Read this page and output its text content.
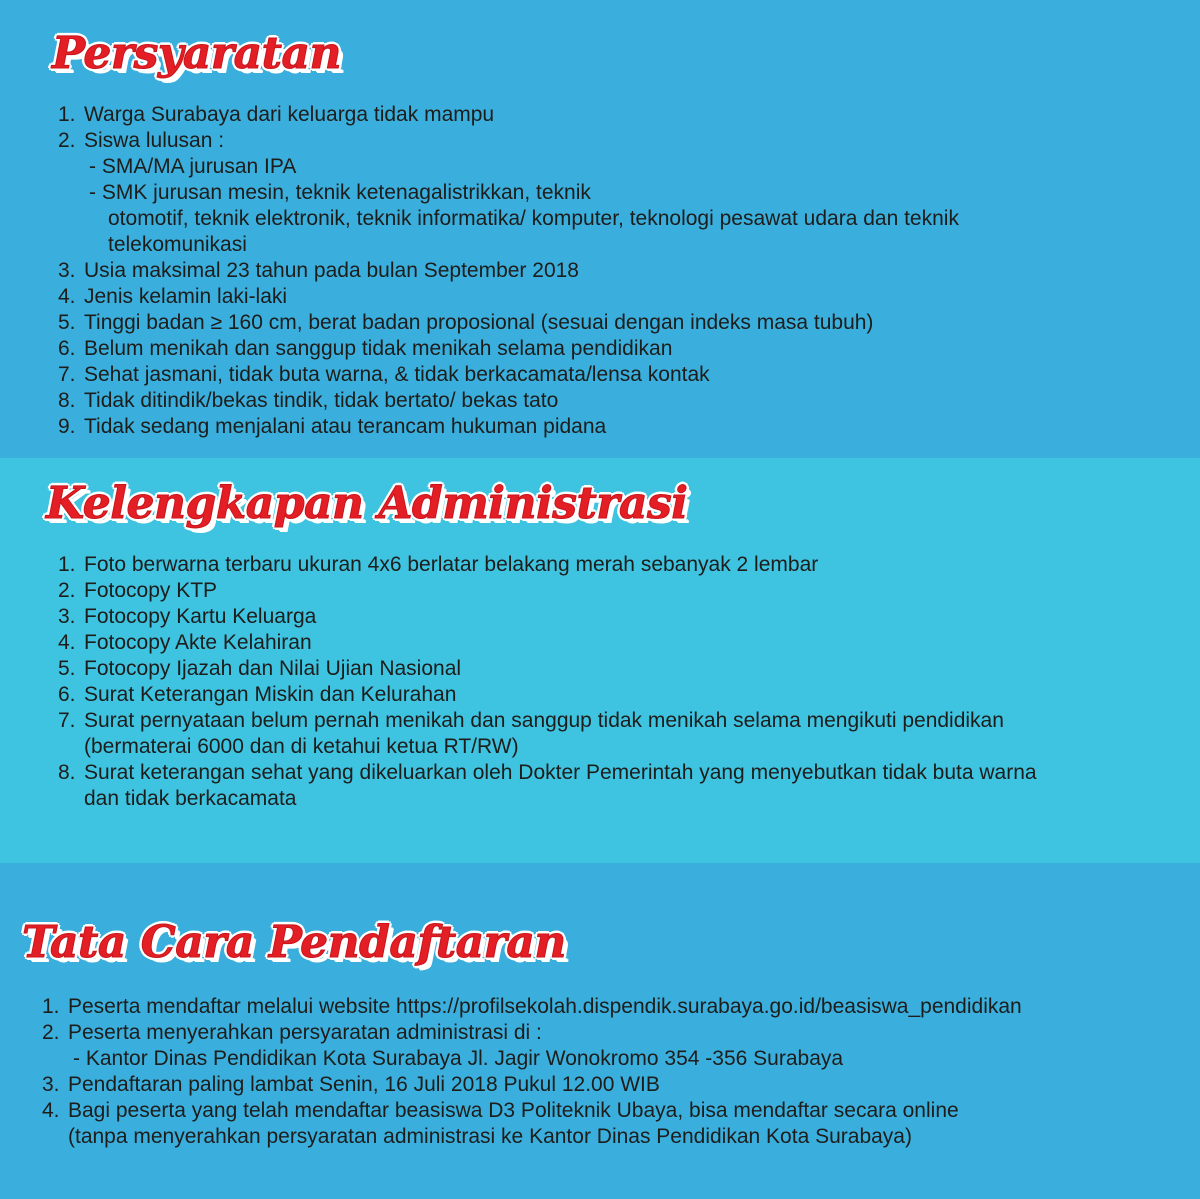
Persyaratan
1. Warga Surabaya dari keluarga tidak mampu
2. Siswa lulusan :
- SMA/MA jurusan IPA
- SMK jurusan mesin, teknik ketenagalistrikkan, teknik
otomotif, teknik elektronik, teknik informatika/ komputer, teknologi pesawat udara dan teknik
telekomunikasi
3. Usia maksimal 23 tahun pada bulan September 2018
4. Jenis kelamin laki-laki
5. Tinggi badan ≥ 160 cm, berat badan proposional (sesuai dengan indeks masa tubuh)
6. Belum menikah dan sanggup tidak menikah selama pendidikan
7. Sehat jasmani, tidak buta warna, & tidak berkacamata/lensa kontak
8. Tidak ditindik/bekas tindik, tidak bertato/ bekas tato
9. Tidak sedang menjalani atau terancam hukuman pidana
Kelengkapan Administrasi
1. Foto berwarna terbaru ukuran 4x6 berlatar belakang merah sebanyak 2 lembar
2. Fotocopy KTP
3. Fotocopy Kartu Keluarga
4. Fotocopy Akte Kelahiran
5. Fotocopy Ijazah dan Nilai Ujian Nasional
6. Surat Keterangan Miskin dan Kelurahan
7. Surat pernyataan belum pernah menikah dan sanggup tidak menikah selama mengikuti pendidikan
(bermaterai 6000 dan di ketahui ketua RT/RW)
8. Surat keterangan sehat yang dikeluarkan oleh Dokter Pemerintah yang menyebutkan tidak buta warna
dan tidak berkacamata
Tata Cara Pendaftaran
1. Peserta mendaftar melalui website https://profilsekolah.dispendik.surabaya.go.id/beasiswa_pendidikan
2. Peserta menyerahkan persyaratan administrasi di :
- Kantor Dinas Pendidikan Kota Surabaya Jl. Jagir Wonokromo 354 -356 Surabaya
3. Pendaftaran paling lambat Senin, 16 Juli 2018 Pukul 12.00 WIB
4. Bagi peserta yang telah mendaftar beasiswa D3 Politeknik Ubaya, bisa mendaftar secara online
(tanpa menyerahkan persyaratan administrasi ke Kantor Dinas Pendidikan Kota Surabaya)
